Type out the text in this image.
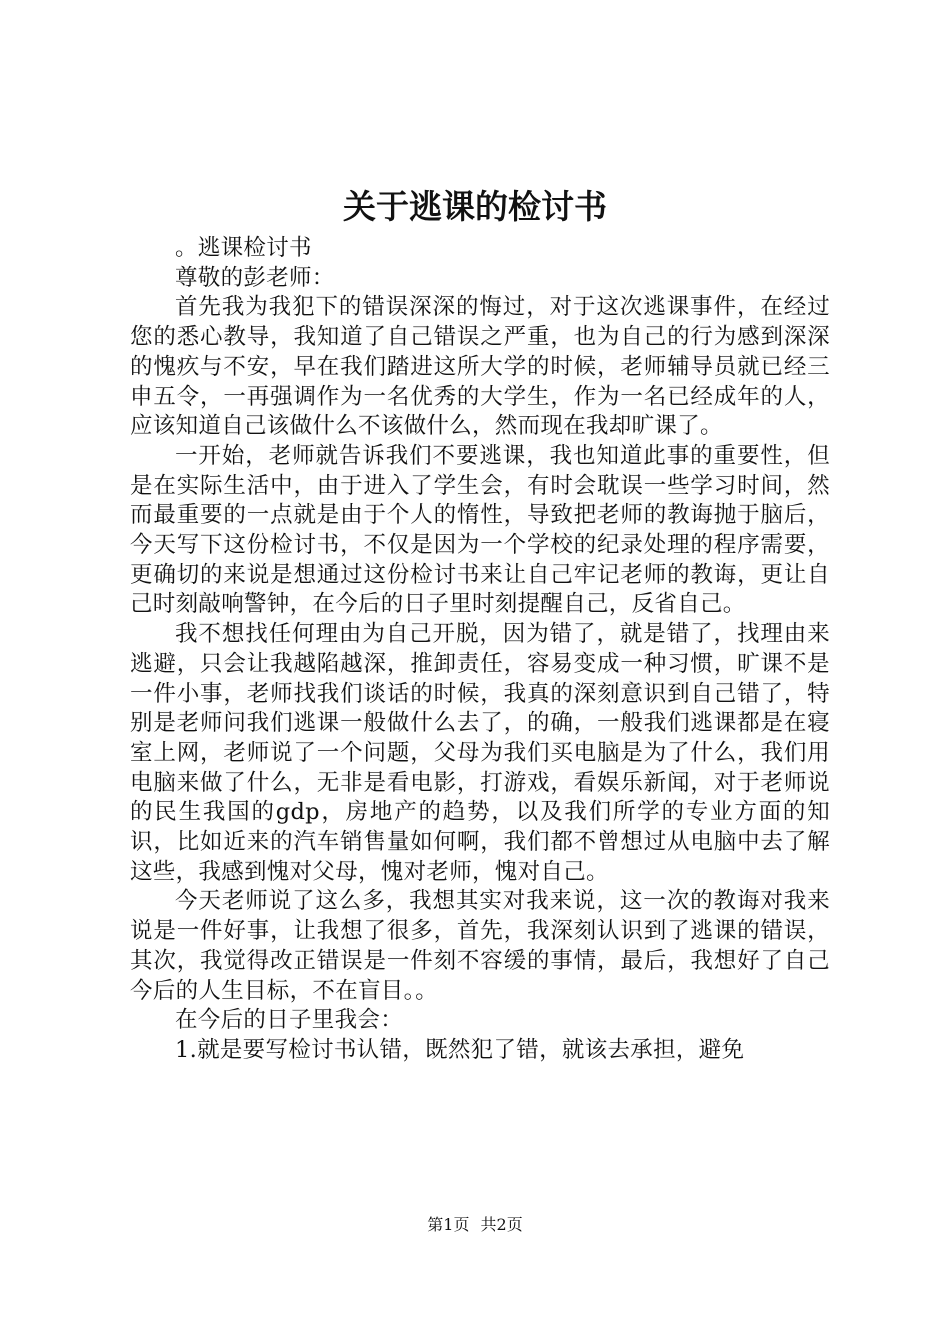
关于逃课的检讨书

。逃课检讨书

尊敬的彭老师：

首先我为我犯下的错误深深的悔过，对于这次逃课事件，在经过您的悉心教导，我知道了自己错误之严重，也为自己的行为感到深深的愧疚与不安，早在我们踏进这所大学的时候，老师辅导员就已经三申五令，一再强调作为一名优秀的大学生，作为一名已经成年的人，应该知道自己该做什么不该做什么，然而现在我却旷课了。

一开始，老师就告诉我们不要逃课，我也知道此事的重要性，但是在实际生活中，由于进入了学生会，有时会耽误一些学习时间，然而最重要的一点就是由于个人的惰性，导致把老师的教诲抛于脑后，今天写下这份检讨书，不仅是因为一个学校的纪录处理的程序需要，更确切的来说是想通过这份检讨书来让自己牢记老师的教诲，更让自己时刻敲响警钟，在今后的日子里时刻提醒自己，反省自己。

我不想找任何理由为自己开脱，因为错了，就是错了，找理由来逃避，只会让我越陷越深，推卸责任，容易变成一种习惯，旷课不是一件小事，老师找我们谈话的时候，我真的深刻意识到自己错了，特别是老师问我们逃课一般做什么去了，的确，一般我们逃课都是在寝室上网，老师说了一个问题，父母为我们买电脑是为了什么，我们用电脑来做了什么，无非是看电影，打游戏，看娱乐新闻，对于老师说的民生我国的gdp，房地产的趋势，以及我们所学的专业方面的知识，比如近来的汽车销售量如何啊，我们都不曾想过从电脑中去了解这些，我感到愧对父母，愧对老师，愧对自己。

今天老师说了这么多，我想其实对我来说，这一次的教诲对我来说是一件好事，让我想了很多，首先，我深刻认识到了逃课的错误，其次，我觉得改正错误是一件刻不容缓的事情，最后，我想好了自己今后的人生目标，不在盲目。。

在今后的日子里我会：

1.就是要写检讨书认错，既然犯了错，就该去承担，避免

第1页 共2页
